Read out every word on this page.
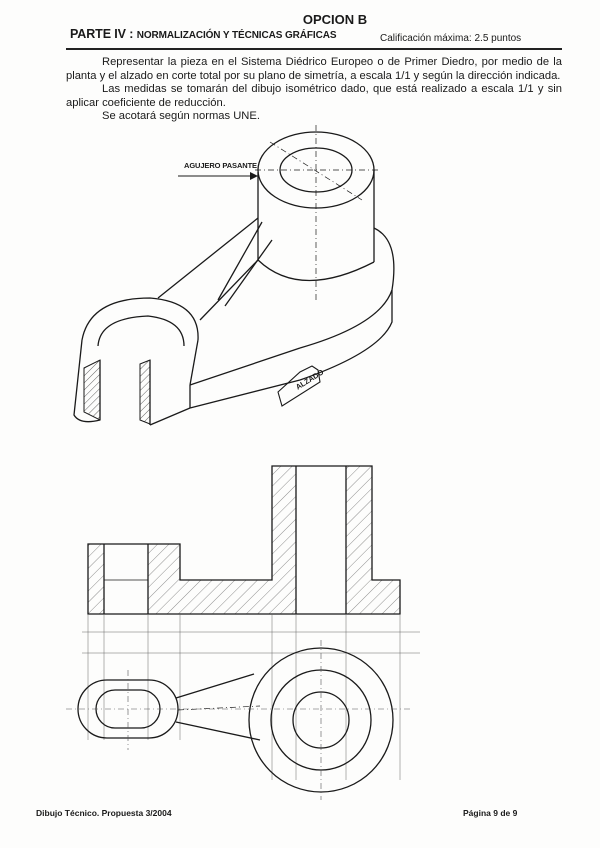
OPCION B
PARTE IV : NORMALIZACIÓN Y TÉCNICAS GRÁFICAS	Calificación máxima: 2.5 puntos

Representar la pieza en el Sistema Diédrico Europeo o de Primer Diedro, por medio de la planta y el alzado en corte total por su plano de simetría, a escala 1/1 y según la dirección indicada.

Las medidas se tomarán del dibujo isométrico dado, que está realizado a escala 1/1 y sin aplicar coeficiente de reducción.

Se acotará según normas UNE.

AGUJERO PASANTE
ALZADO
Dibujo Técnico. Propuesta 3/2004	Página 9 de 9
